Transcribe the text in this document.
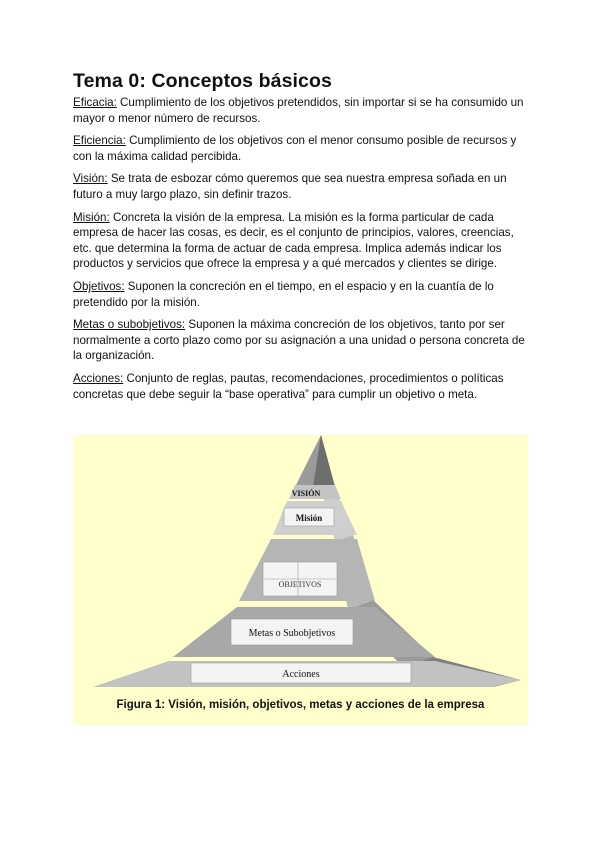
Tema 0: Conceptos básicos

Eficacia: Cumplimiento de los objetivos pretendidos, sin importar si se ha consumido un mayor o menor número de recursos.

Eficiencia: Cumplimiento de los objetivos con el menor consumo posible de recursos y con la máxima calidad percibida.

Visión: Se trata de esbozar cómo queremos que sea nuestra empresa soñada en un futuro a muy largo plazo, sin definir trazos.

Misión: Concreta la visión de la empresa. La misión es la forma particular de cada empresa de hacer las cosas, es decir, es el conjunto de principios, valores, creencias, etc. que determina la forma de actuar de cada empresa. Implica además indicar los productos y servicios que ofrece la empresa y a qué mercados y clientes se dirige.

Objetivos: Suponen la concreción en el tiempo, en el espacio y en la cuantía de lo pretendido por la misión.

Metas o subobjetivos: Suponen la máxima concreción de los objetivos, tanto por ser normalmente a corto plazo como por su asignación a una unidad o persona concreta de la organización.

Acciones: Conjunto de reglas, pautas, recomendaciones, procedimientos o políticas concretas que debe seguir la “base operativa” para cumplir un objetivo o meta.

VISIÓN
Misión
OBJETIVOS
Metas o Subobjetivos
Acciones
Figura 1: Visión, misión, objetivos, metas y acciones de la empresa
